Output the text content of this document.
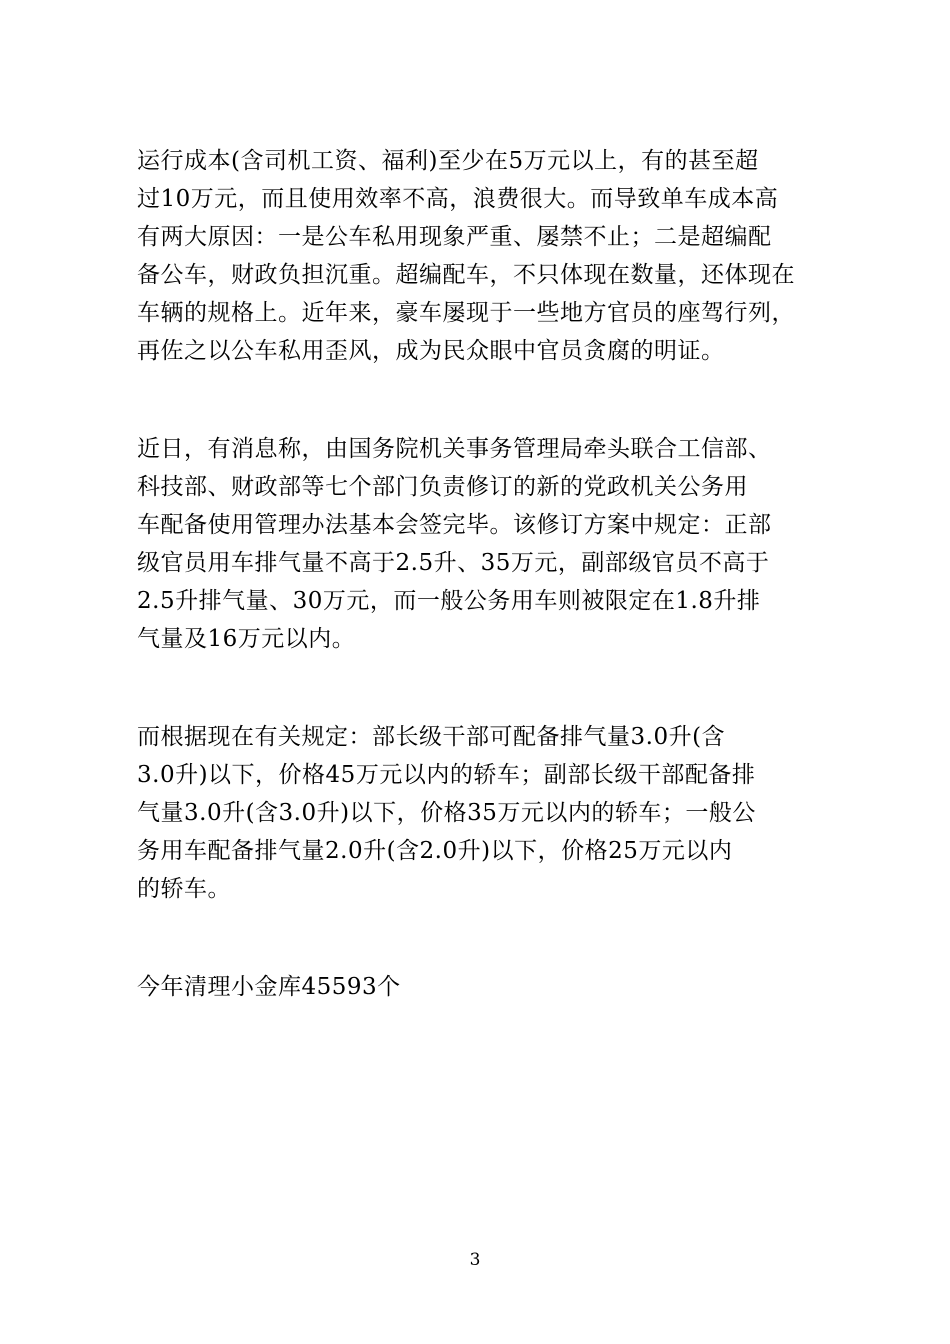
运行成本(含司机工资、福利)至少在5万元以上，有的甚至超
过10万元，而且使用效率不高，浪费很大。而导致单车成本高
有两大原因：一是公车私用现象严重、屡禁不止；二是超编配
备公车，财政负担沉重。超编配车，不只体现在数量，还体现在
车辆的规格上。近年来，豪车屡现于一些地方官员的座驾行列，
再佐之以公车私用歪风，成为民众眼中官员贪腐的明证。
近日，有消息称，由国务院机关事务管理局牵头联合工信部、
科技部、财政部等七个部门负责修订的新的党政机关公务用
车配备使用管理办法基本会签完毕。该修订方案中规定：正部
级官员用车排气量不高于2.5升、35万元，副部级官员不高于
2.5升排气量、30万元，而一般公务用车则被限定在1.8升排
气量及16万元以内。
而根据现在有关规定：部长级干部可配备排气量3.0升(含
3.0升)以下，价格45万元以内的轿车；副部长级干部配备排
气量3.0升(含3.0升)以下，价格35万元以内的轿车；一般公
务用车配备排气量2.0升(含2.0升)以下，价格25万元以内
的轿车。
今年清理小金库45593个
3
